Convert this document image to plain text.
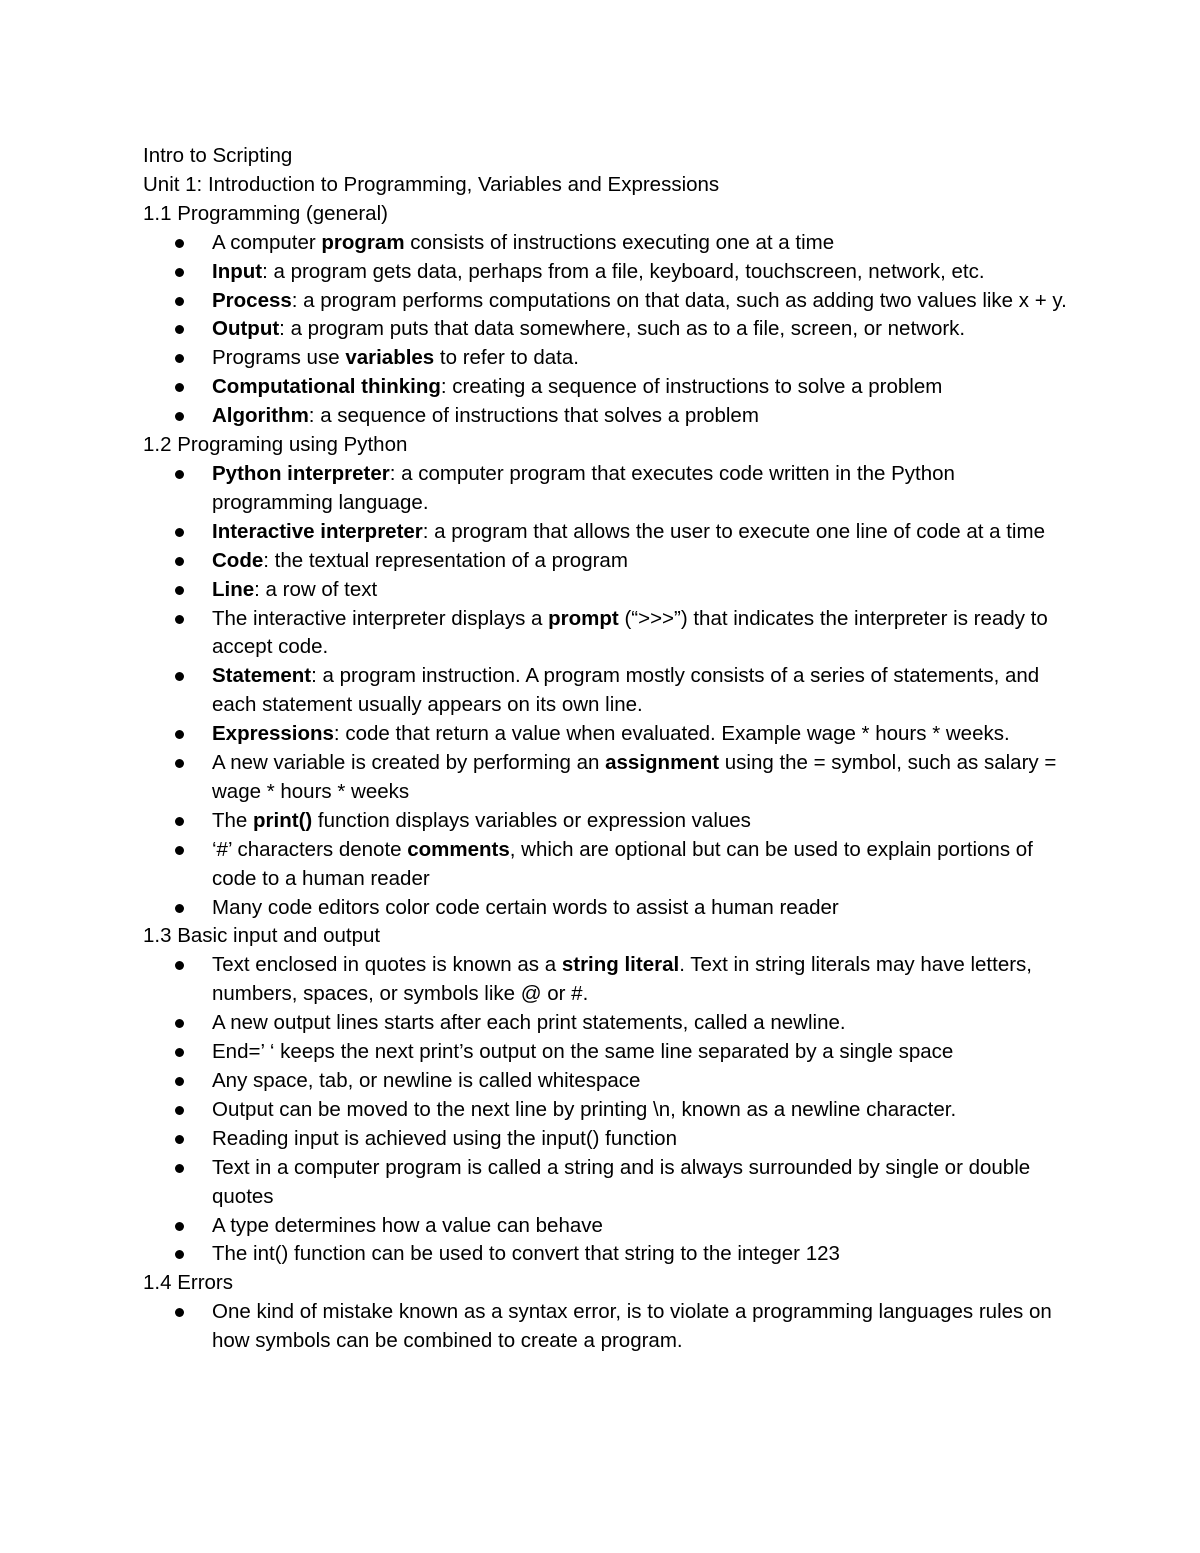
Intro to Scripting

Unit 1: Introduction to Programming, Variables and Expressions

1.1 Programming (general)

A computer program consists of instructions executing one at a time
Input: a program gets data, perhaps from a file, keyboard, touchscreen, network, etc.
Process: a program performs computations on that data, such as adding two values like x + y.
Output: a program puts that data somewhere, such as to a file, screen, or network.
Programs use variables to refer to data.
Computational thinking: creating a sequence of instructions to solve a problem
Algorithm: a sequence of instructions that solves a problem

1.2 Programing using Python

Python interpreter: a computer program that executes code written in the Python programming language.
Interactive interpreter: a program that allows the user to execute one line of code at a time
Code: the textual representation of a program
Line: a row of text
The interactive interpreter displays a prompt (“>>>”) that indicates the interpreter is ready to accept code.
Statement: a program instruction. A program mostly consists of a series of statements, and each statement usually appears on its own line.
Expressions: code that return a value when evaluated. Example wage * hours * weeks.
A new variable is created by performing an assignment using the = symbol, such as salary = wage * hours * weeks
The print() function displays variables or expression values
‘#’ characters denote comments, which are optional but can be used to explain portions of code to a human reader
Many code editors color code certain words to assist a human reader

1.3 Basic input and output

Text enclosed in quotes is known as a string literal. Text in string literals may have letters, numbers, spaces, or symbols like @ or #.
A new output lines starts after each print statements, called a newline.
End=’ ‘ keeps the next print’s output on the same line separated by a single space
Any space, tab, or newline is called whitespace
Output can be moved to the next line by printing \n, known as a newline character.
Reading input is achieved using the input() function
Text in a computer program is called a string and is always surrounded by single or double quotes
A type determines how a value can behave
The int() function can be used to convert that string to the integer 123

1.4 Errors

One kind of mistake known as a syntax error, is to violate a programming languages rules on how symbols can be combined to create a program.
